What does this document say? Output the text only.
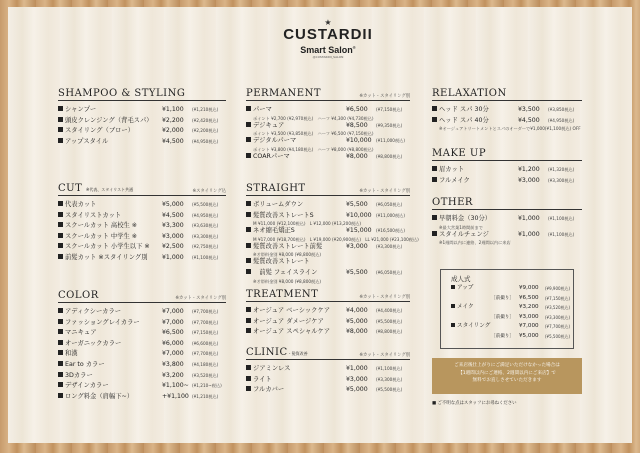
★
CUSTARDII
Smart Salon®
@CUSTARDII_SALON
SHAMPOO & STYLING
シャンプー	¥1,100	(¥1,210税込)
頭皮クレンジング（背毛スパ）	¥2,200	(¥2,420税込)
スタイリング（ブロー）	¥2,000	(¥2,200税込)
アップスタイル	¥4,500	(¥4,950税込)
CUT ※代表、スタイリスト共通	※スタイリング込
代表カット	¥5,000	(¥5,500税込)
スタイリストカット	¥4,500	(¥4,950税込)
スクールカット 高校生 ※	¥3,300	(¥3,630税込)
スクールカット 中学生 ※	¥3,000	(¥3,300税込)
スクールカット 小学生以下 ※	¥2,500	(¥2,750税込)
前髪カット ※スタイリング別	¥1,000	(¥1,100税込)
COLOR	※カット・スタイリング別
アディクシーカラー	¥7,000	(¥7,700税込)
ファッショングレイカラー	¥7,000	(¥7,700税込)
マニキュア	¥6,500	(¥7,150税込)
オーガニックカラー	¥6,000	(¥6,600税込)
和漢	¥7,000	(¥7,700税込)
Ear to カラー	¥3,800	(¥4,180税込)
3Dカラー	¥3,200	(¥3,520税込)
デザインカラー	¥1,100~ (¥1,210~税込)
ロング料金（肩幅下~）	+¥1,100 (¥1,210税込)
PERMANENT	※カット・スタイリング別
パーマ	¥6,500	(¥7,150税込)
ポイント ¥2,700 (¥2,970税込)　ハーフ ¥4,300 (¥4,730税込)
デジキュア	¥8,500	(¥9,350税込)
ポイント ¥3,500 (¥3,850税込)　ハーフ ¥6,500 (¥7,150税込)
デジタルパーマ	¥10,000	(¥11,000税込)
ポイント ¥3,800 (¥4,180税込)　ハーフ ¥8,000 (¥8,800税込)
COARパーマ	¥8,000	(¥8,800税込)
STRAIGHT	※カット・スタイリング別
ボリュームダウン	¥5,500	(¥6,050税込)
髪質改善ストレートS	¥10,000	(¥11,000税込)
M ¥11,000 (¥12,100税込)　L ¥12,000 (¥13,200税込)
ネオ縮毛矯正S	¥15,000	(¥16,500税込)
M ¥17,000 (¥18,700税込)　L ¥19,000 (¥20,900税込)　LL ¥21,000 (¥23,100税込)
髪質改善ストレート前髪	¥3,000	(¥3,300税込)
※才帯料金別 ¥8,000 (¥8,800税込)
髪質改善ストレート
　前髪 フェイスライン	¥5,500	(¥6,050税込)
※才帯料金別 ¥8,000 (¥8,800税込)
TREATMENT	※カット・スタイリング別
オージュア ベーシックケア	¥4,000	(¥4,400税込)
オージュア ダメージケア	¥5,000	(¥5,500税込)
オージュア スペシャルケア	¥8,000	(¥8,800税込)
CLINIC - 髪質改善	※カット・スタイリング別
ジアミンレス	¥1,000	(¥1,100税込)
ライト	¥3,000	(¥3,300税込)
フルカバー	¥5,000	(¥5,500税込)
RELAXATION
ヘッド スパ 30分	¥3,500	(¥3,850税込)
ヘッド スパ 40分	¥4,500	(¥4,950税込)
※オージュアトリートメントとスパのオーダーで¥1,000(¥1,100税込) OFF
MAKE UP
眉カット	¥1,200	(¥1,320税込)
フルメイク	¥3,000	(¥3,300税込)
OTHER
早朝料金（30分）	¥1,000	(¥1,100税込)
※最大営業1時間前まで
スタイルチェンジ	¥1,000	(¥1,100税込)
※1週間以内に連絡、2週間以内に来店
成人式
アップ	¥9,000	(¥9,900税込)
［前撮り］ ¥6,500	(¥7,150税込)
メイク	¥3,200	(¥3,520税込)
［前撮り］ ¥3,000	(¥3,300税込)
スタイリング	¥7,000	(¥7,700税込)
［前撮り］ ¥5,000	(¥5,500税込)
ご来店後仕上がりにご満足いただけなかった場合は
【1週間以内にご連絡、2週間以内にご来店】で
無料でお直しさせていただきます
■ ご不明な点はスタッフにお尋ねください
